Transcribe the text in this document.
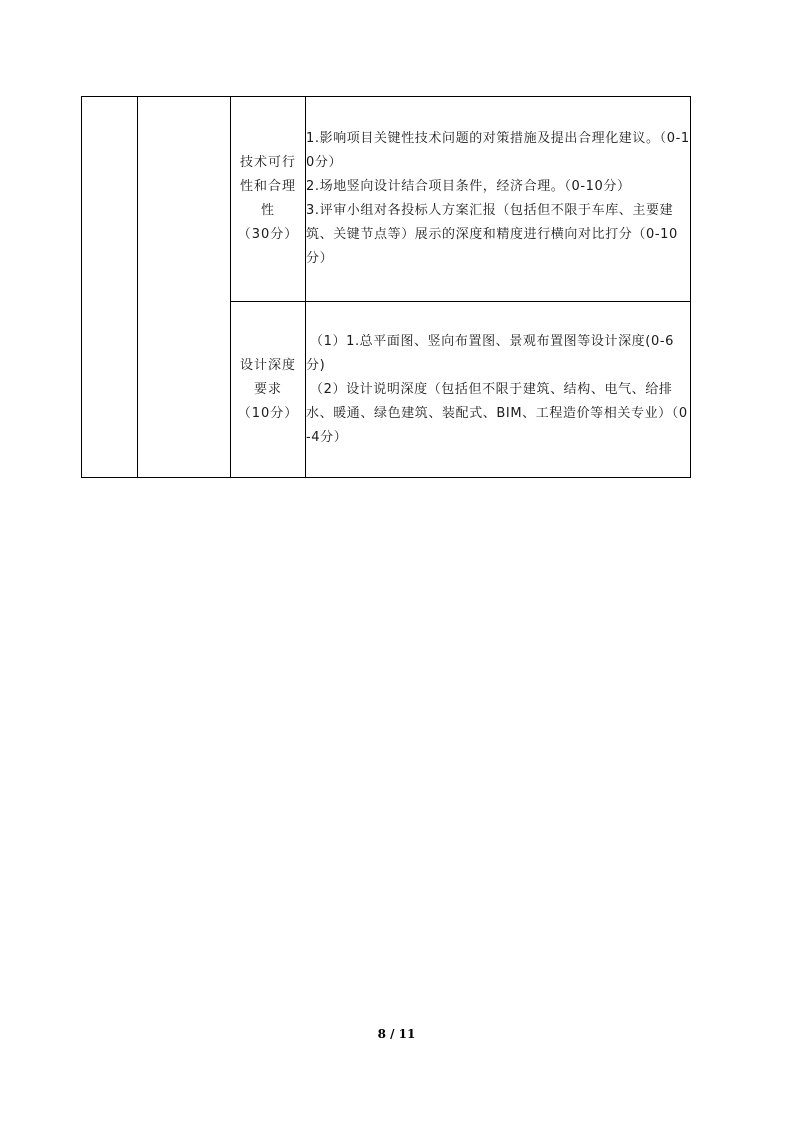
		技术可行
性和合理
性
（30分）	1.影响项目关键性技术问题的对策措施及提出合理化建议。（0-10分）
2.场地竖向设计结合项目条件，经济合理。（0-10分）
3.评审小组对各投标人方案汇报（包括但不限于车库、主要建筑、关键节点等）展示的深度和精度进行横向对比打分（0-10分）

		设计深度
要求
（10分）	（1）1.总平面图、竖向布置图、景观布置图等设计深度(0-6分)
（2）设计说明深度（包括但不限于建筑、结构、电气、给排水、暖通、绿色建筑、装配式、BIM、工程造价等相关专业）（0-4分）
8 / 11
